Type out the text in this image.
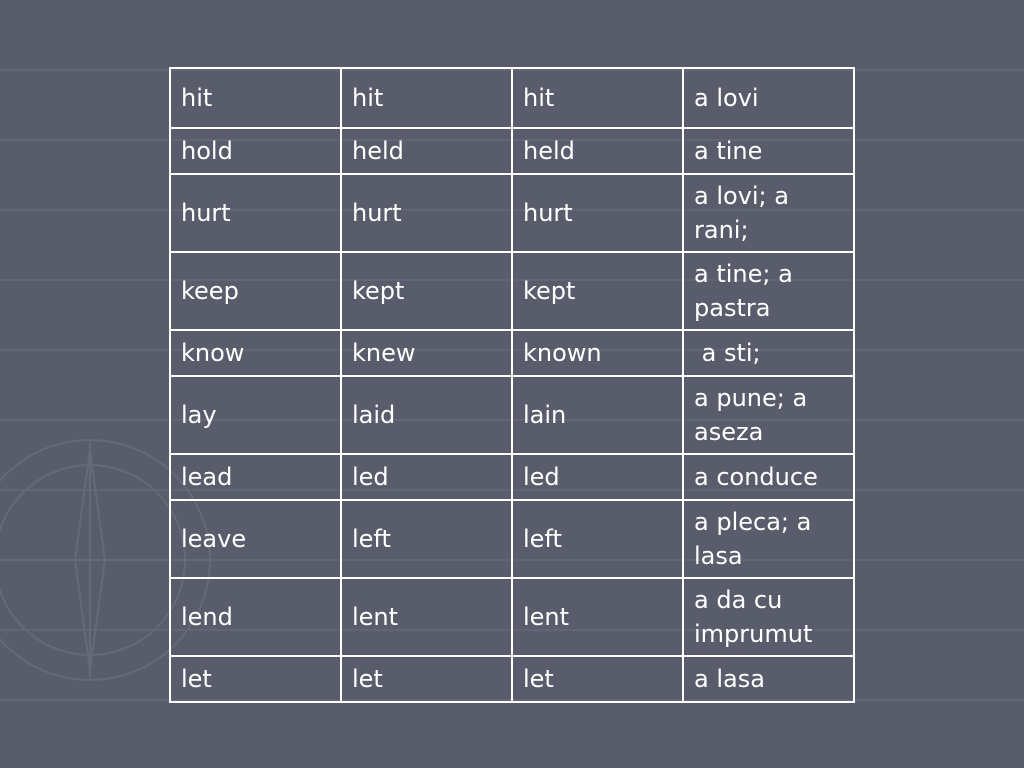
hit	hit	hit	a lovi
hold	held	held	a tine
hurt	hurt	hurt	a lovi; a rani;
keep	kept	kept	a tine; a pastra
know	knew	known	a sti;
lay	laid	lain	a pune; a aseza
lead	led	led	a conduce
leave	left	left	a pleca; a lasa
lend	lent	lent	a da cu imprumut
let	let	let	a lasa
